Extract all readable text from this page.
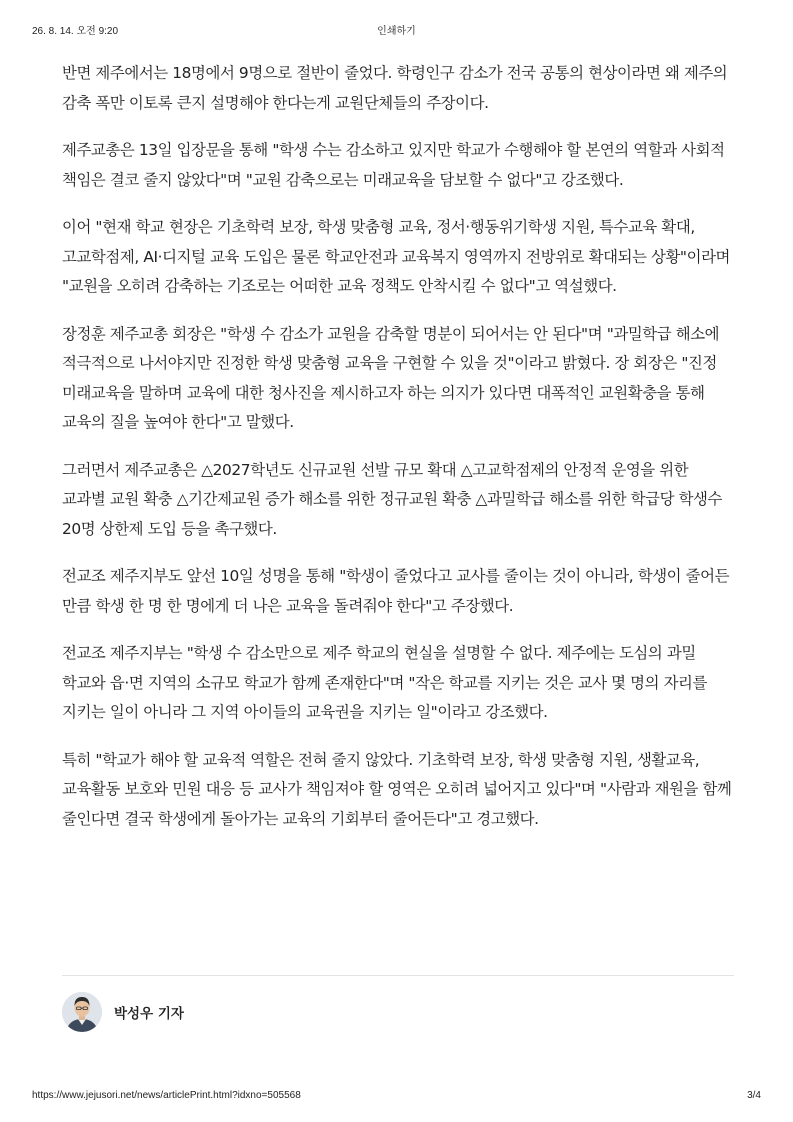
26. 8. 14. 오전 9:20	인쇄하기

반면 제주에서는 18명에서 9명으로 절반이 줄었다. 학령인구 감소가 전국 공통의 현상이라면 왜 제주의 감축 폭만 이토록 큰지 설명해야 한다는게 교원단체들의 주장이다.

제주교총은 13일 입장문을 통해 "학생 수는 감소하고 있지만 학교가 수행해야 할 본연의 역할과 사회적 책임은 결코 줄지 않았다"며 "교원 감축으로는 미래교육을 담보할 수 없다"고 강조했다.

이어 "현재 학교 현장은 기초학력 보장, 학생 맞춤형 교육, 정서·행동위기학생 지원, 특수교육 확대, 고교학점제, AI·디지털 교육 도입은 물론 학교안전과 교육복지 영역까지 전방위로 확대되는 상황"이라며 "교원을 오히려 감축하는 기조로는 어떠한 교육 정책도 안착시킬 수 없다"고 역설했다.

장정훈 제주교총 회장은 "학생 수 감소가 교원을 감축할 명분이 되어서는 안 된다"며 "과밀학급 해소에 적극적으로 나서야지만 진정한 학생 맞춤형 교육을 구현할 수 있을 것"이라고 밝혔다. 장 회장은 "진정 미래교육을 말하며 교육에 대한 청사진을 제시하고자 하는 의지가 있다면 대폭적인 교원확충을 통해 교육의 질을 높여야 한다"고 말했다.

그러면서 제주교총은 △2027학년도 신규교원 선발 규모 확대 △고교학점제의 안정적 운영을 위한 교과별 교원 확충 △기간제교원 증가 해소를 위한 정규교원 확충 △과밀학급 해소를 위한 학급당 학생수 20명 상한제 도입 등을 촉구했다.

전교조 제주지부도 앞선 10일 성명을 통해 "학생이 줄었다고 교사를 줄이는 것이 아니라, 학생이 줄어든 만큼 학생 한 명 한 명에게 더 나은 교육을 돌려줘야 한다"고 주장했다.

전교조 제주지부는 "학생 수 감소만으로 제주 학교의 현실을 설명할 수 없다. 제주에는 도심의 과밀 학교와 읍·면 지역의 소규모 학교가 함께 존재한다"며 "작은 학교를 지키는 것은 교사 몇 명의 자리를 지키는 일이 아니라 그 지역 아이들의 교육권을 지키는 일"이라고 강조했다.

특히 "학교가 해야 할 교육적 역할은 전혀 줄지 않았다. 기초학력 보장, 학생 맞춤형 지원, 생활교육, 교육활동 보호와 민원 대응 등 교사가 책임져야 할 영역은 오히려 넓어지고 있다"며 "사람과 재원을 함께 줄인다면 결국 학생에게 돌아가는 교육의 기회부터 줄어든다"고 경고했다.

박성우 기자
https://www.jejusori.net/news/articlePrint.html?idxno=505568	3/4
